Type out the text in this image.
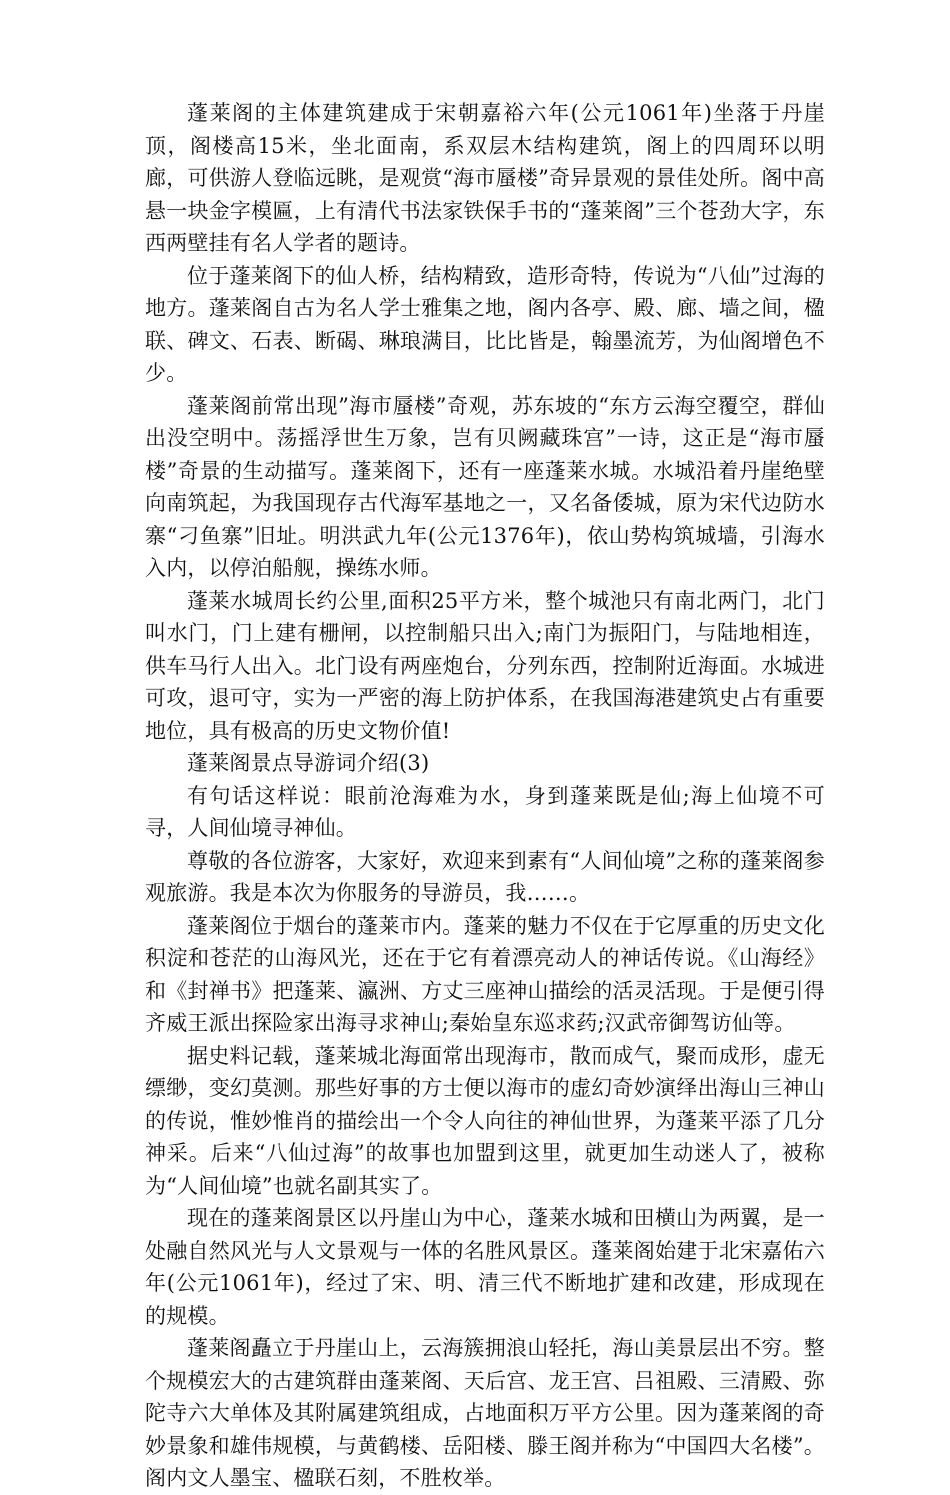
蓬莱阁的主体建筑建成于宋朝嘉裕六年(公元1061年)坐落于丹崖顶，阁楼高15米，坐北面南，系双层木结构建筑，阁上的四周环以明廊，可供游人登临远眺，是观赏“海市蜃楼”奇异景观的景佳处所。阁中高悬一块金字模匾，上有清代书法家铁保手书的“蓬莱阁”三个苍劲大字，东西两壁挂有名人学者的题诗。

位于蓬莱阁下的仙人桥，结构精致，造形奇特，传说为“八仙”过海的地方。蓬莱阁自古为名人学士雅集之地，阁内各亭、殿、廊、墙之间，楹联、碑文、石表、断碣、琳琅满目，比比皆是，翰墨流芳，为仙阁增色不少。

蓬莱阁前常出现”海市蜃楼”奇观，苏东坡的“东方云海空覆空，群仙出没空明中。荡摇浮世生万象，岂有贝阙藏珠宫”一诗，这正是“海市蜃楼”奇景的生动描写。蓬莱阁下，还有一座蓬莱水城。水城沿着丹崖绝壁向南筑起，为我国现存古代海军基地之一，又名备倭城，原为宋代边防水寨“刁鱼寨”旧址。明洪武九年(公元1376年)，依山势构筑城墙，引海水入内，以停泊船舰，操练水师。

蓬莱水城周长约公里,面积25平方米，整个城池只有南北两门，北门叫水门，门上建有栅闸，以控制船只出入;南门为振阳门，与陆地相连，供车马行人出入。北门设有两座炮台，分列东西，控制附近海面。水城进可攻，退可守，实为一严密的海上防护体系，在我国海港建筑史占有重要地位，具有极高的历史文物价值!

蓬莱阁景点导游词介绍(3)

有句话这样说：眼前沧海难为水，身到蓬莱既是仙;海上仙境不可寻，人间仙境寻神仙。

尊敬的各位游客，大家好，欢迎来到素有“人间仙境”之称的蓬莱阁参观旅游。我是本次为你服务的导游员，我……。

蓬莱阁位于烟台的蓬莱市内。蓬莱的魅力不仅在于它厚重的历史文化积淀和苍茫的山海风光，还在于它有着漂亮动人的神话传说。《山海经》和《封禅书》把蓬莱、瀛洲、方丈三座神山描绘的活灵活现。于是便引得齐威王派出探险家出海寻求神山;秦始皇东巡求药;汉武帝御驾访仙等。

据史料记载，蓬莱城北海面常出现海市，散而成气，聚而成形，虚无缥缈，变幻莫测。那些好事的方士便以海市的虚幻奇妙演绎出海山三神山的传说，惟妙惟肖的描绘出一个令人向往的神仙世界，为蓬莱平添了几分神采。后来“八仙过海”的故事也加盟到这里，就更加生动迷人了，被称为“人间仙境”也就名副其实了。

现在的蓬莱阁景区以丹崖山为中心，蓬莱水城和田横山为两翼，是一处融自然风光与人文景观与一体的名胜风景区。蓬莱阁始建于北宋嘉佑六年(公元1061年)，经过了宋、明、清三代不断地扩建和改建，形成现在的规模。

蓬莱阁矗立于丹崖山上，云海簇拥浪山轻托，海山美景层出不穷。整个规模宏大的古建筑群由蓬莱阁、天后宫、龙王宫、吕祖殿、三清殿、弥陀寺六大单体及其附属建筑组成，占地面积万平方公里。因为蓬莱阁的奇妙景象和雄伟规模，与黄鹤楼、岳阳楼、滕王阁并称为“中国四大名楼”。阁内文人墨宝、楹联石刻，不胜枚举。
